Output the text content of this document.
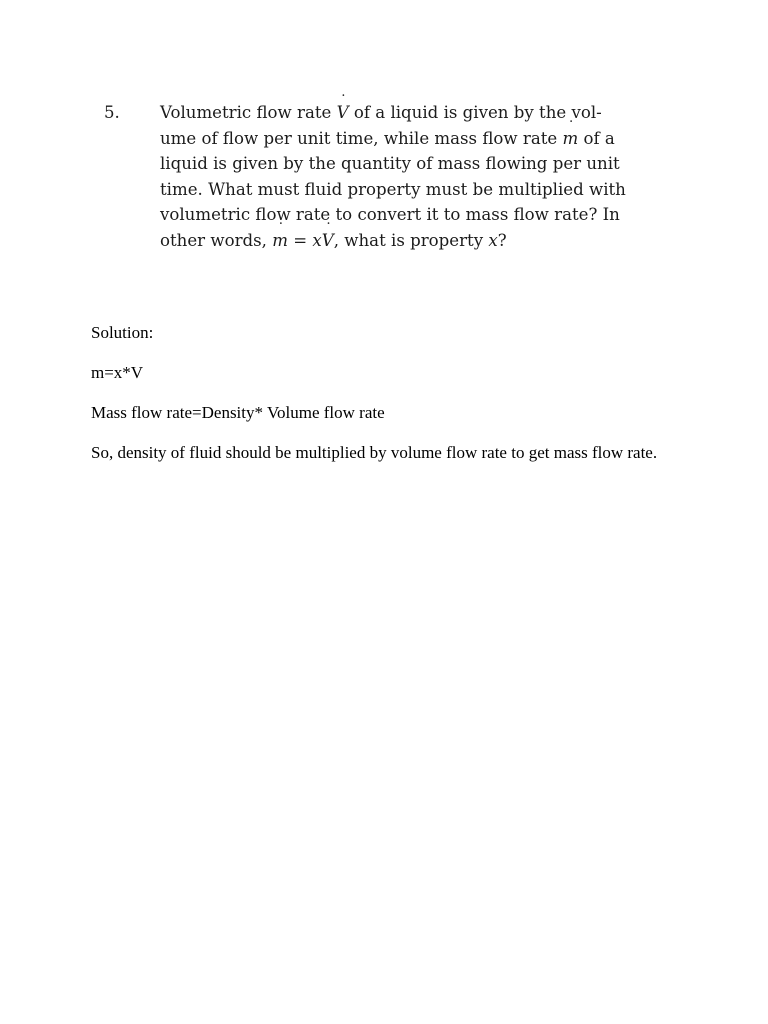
5. Volumetric flow rate ˙ V of a liquid is given by the vol-
ume of flow per unit time, while mass flow rate ˙ m of a
liquid is given by the quantity of mass flowing per unit
time. What must fluid property must be multiplied with
volumetric flow rate to convert it to mass flow rate? In
other words, ˙ m = x˙ V, what is property x?

Solution:

m=x*V

Mass flow rate=Density* Volume flow rate

So, density of fluid should be multiplied by volume flow rate to get mass flow rate.
